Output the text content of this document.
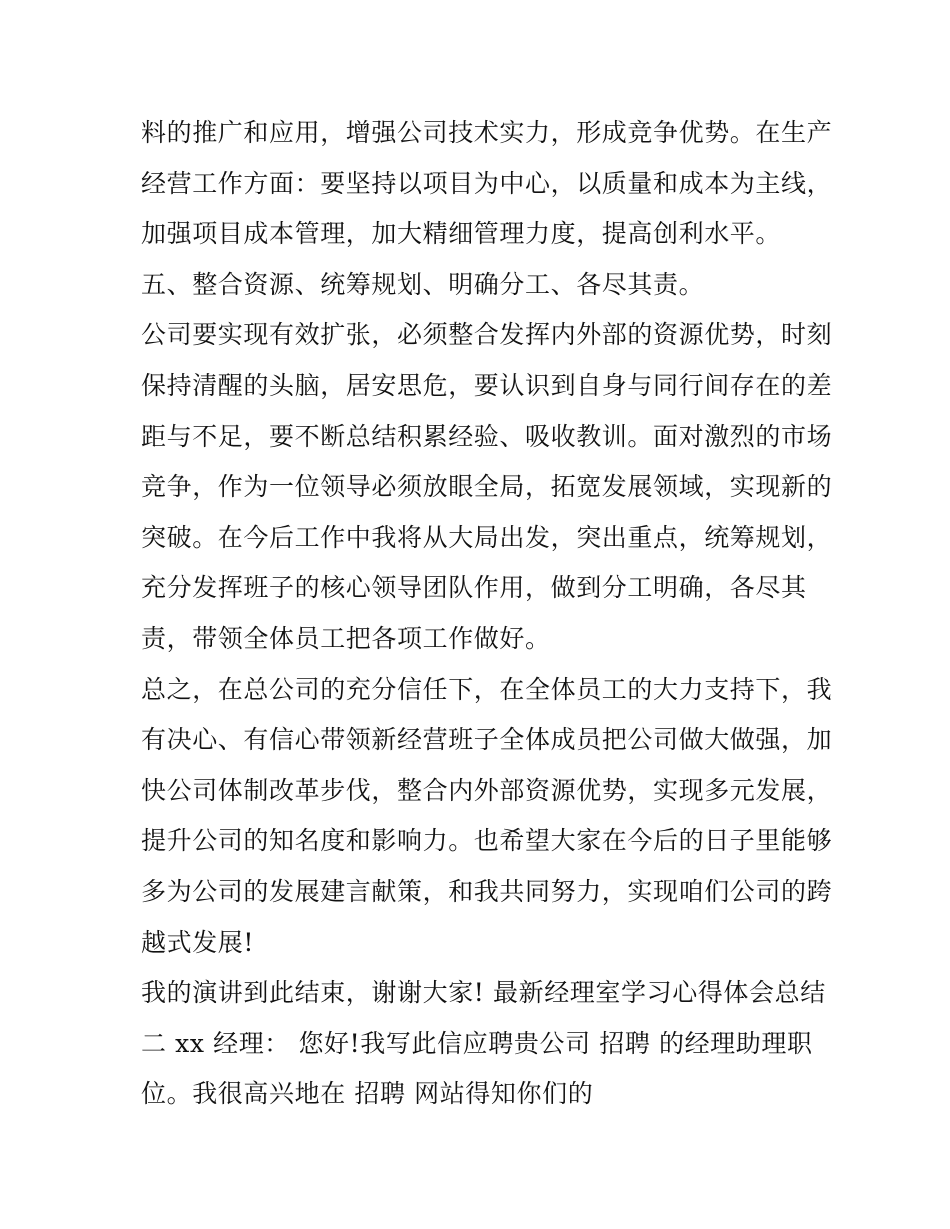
料的推广和应用，增强公司技术实力，形成竞争优势。在生产
经营工作方面：要坚持以项目为中心，以质量和成本为主线，
加强项目成本管理，加大精细管理力度，提高创利水平。
五、整合资源、统筹规划、明确分工、各尽其责。
公司要实现有效扩张，必须整合发挥内外部的资源优势，时刻
保持清醒的头脑，居安思危，要认识到自身与同行间存在的差
距与不足，要不断总结积累经验、吸收教训。面对激烈的市场
竞争，作为一位领导必须放眼全局，拓宽发展领域，实现新的
突破。在今后工作中我将从大局出发，突出重点，统筹规划，
充分发挥班子的核心领导团队作用，做到分工明确，各尽其
责，带领全体员工把各项工作做好。
总之，在总公司的充分信任下，在全体员工的大力支持下，我
有决心、有信心带领新经营班子全体成员把公司做大做强，加
快公司体制改革步伐，整合内外部资源优势，实现多元发展，
提升公司的知名度和影响力。也希望大家在今后的日子里能够
多为公司的发展建言献策，和我共同努力，实现咱们公司的跨
越式发展!
我的演讲到此结束，谢谢大家! 最新经理室学习心得体会总结
二 xx 经理： 您好!我写此信应聘贵公司 招聘 的经理助理职
位。我很高兴地在 招聘 网站得知你们的
